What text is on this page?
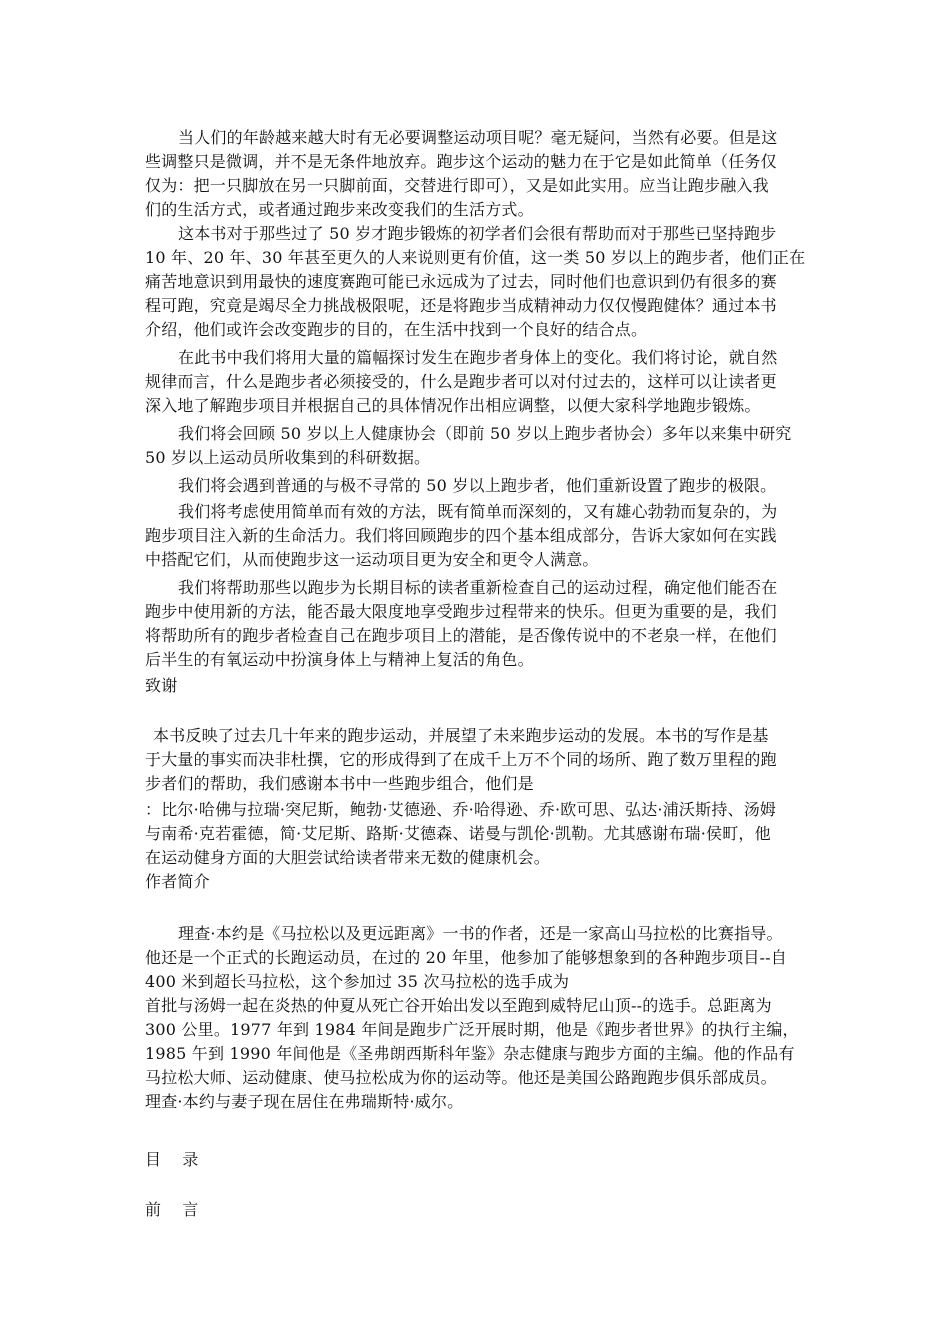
当人们的年龄越来越大时有无必要调整运动项目呢？毫无疑问，当然有必要。但是这
些调整只是微调，并不是无条件地放弃。跑步这个运动的魅力在于它是如此简单（任务仅
仅为：把一只脚放在另一只脚前面，交替进行即可），又是如此实用。应当让跑步融入我
们的生活方式，或者通过跑步来改变我们的生活方式。
这本书对于那些过了 50 岁才跑步锻炼的初学者们会很有帮助而对于那些已坚持跑步
10 年、20 年、30 年甚至更久的人来说则更有价值，这一类 50 岁以上的跑步者，他们正在
痛苦地意识到用最快的速度赛跑可能已永远成为了过去，同时他们也意识到仍有很多的赛
程可跑，究竟是竭尽全力挑战极限呢，还是将跑步当成精神动力仅仅慢跑健体？通过本书
介绍，他们或许会改变跑步的目的，在生活中找到一个良好的结合点。
在此书中我们将用大量的篇幅探讨发生在跑步者身体上的变化。我们将讨论，就自然
规律而言，什么是跑步者必须接受的，什么是跑步者可以对付过去的，这样可以让读者更
深入地了解跑步项目并根据自己的具体情况作出相应调整，以便大家科学地跑步锻炼。
我们将会回顾 50 岁以上人健康协会（即前 50 岁以上跑步者协会）多年以来集中研究
50 岁以上运动员所收集到的科研数据。
我们将会遇到普通的与极不寻常的 50 岁以上跑步者，他们重新设置了跑步的极限。
我们将考虑使用简单而有效的方法，既有简单而深刻的，又有雄心勃勃而复杂的，为
跑步项目注入新的生命活力。我们将回顾跑步的四个基本组成部分，告诉大家如何在实践
中搭配它们，从而使跑步这一运动项目更为安全和更令人满意。
我们将帮助那些以跑步为长期目标的读者重新检查自己的运动过程，确定他们能否在
跑步中使用新的方法，能否最大限度地享受跑步过程带来的快乐。但更为重要的是，我们
将帮助所有的跑步者检查自己在跑步项目上的潜能，是否像传说中的不老泉一样，在他们
后半生的有氧运动中扮演身体上与精神上复活的角色。
致谢
本书反映了过去几十年来的跑步运动，并展望了未来跑步运动的发展。本书的写作是基
于大量的事实而决非杜撰，它的形成得到了在成千上万不个同的场所、跑了数万里程的跑
步者们的帮助，我们感谢本书中一些跑步组合，他们是
：比尔·哈佛与拉瑞·突尼斯，鲍勃·艾德逊、乔·哈得逊、乔·欧可思、弘达·浦沃斯持、汤姆
与南希·克若霍德，简·艾尼斯、路斯·艾德森、诺曼与凯伦·凯勒。尤其感谢布瑞·侯町，他
在运动健身方面的大胆尝试给读者带来无数的健康机会。
作者简介
理查·本约是《马拉松以及更远距离》一书的作者，还是一家高山马拉松的比赛指导。
他还是一个正式的长跑运动员，在过的 20 年里，他参加了能够想象到的各种跑步项目--自
400 米到超长马拉松，这个参加过 35 次马拉松的选手成为
首批与汤姆一起在炎热的仲夏从死亡谷开始出发以至跑到威特尼山顶--的选手。总距离为
300 公里。1977 年到 1984 年间是跑步广泛开展时期，他是《跑步者世界》的执行主编，
1985 午到 1990 年间他是《圣弗朗西斯科年鉴》杂志健康与跑步方面的主编。他的作品有
马拉松大师、运动健康、使马拉松成为你的运动等。他还是美国公路跑跑步俱乐部成员。
理查·本约与妻子现在居住在弗瑞斯特·威尔。
目    录
前    言
